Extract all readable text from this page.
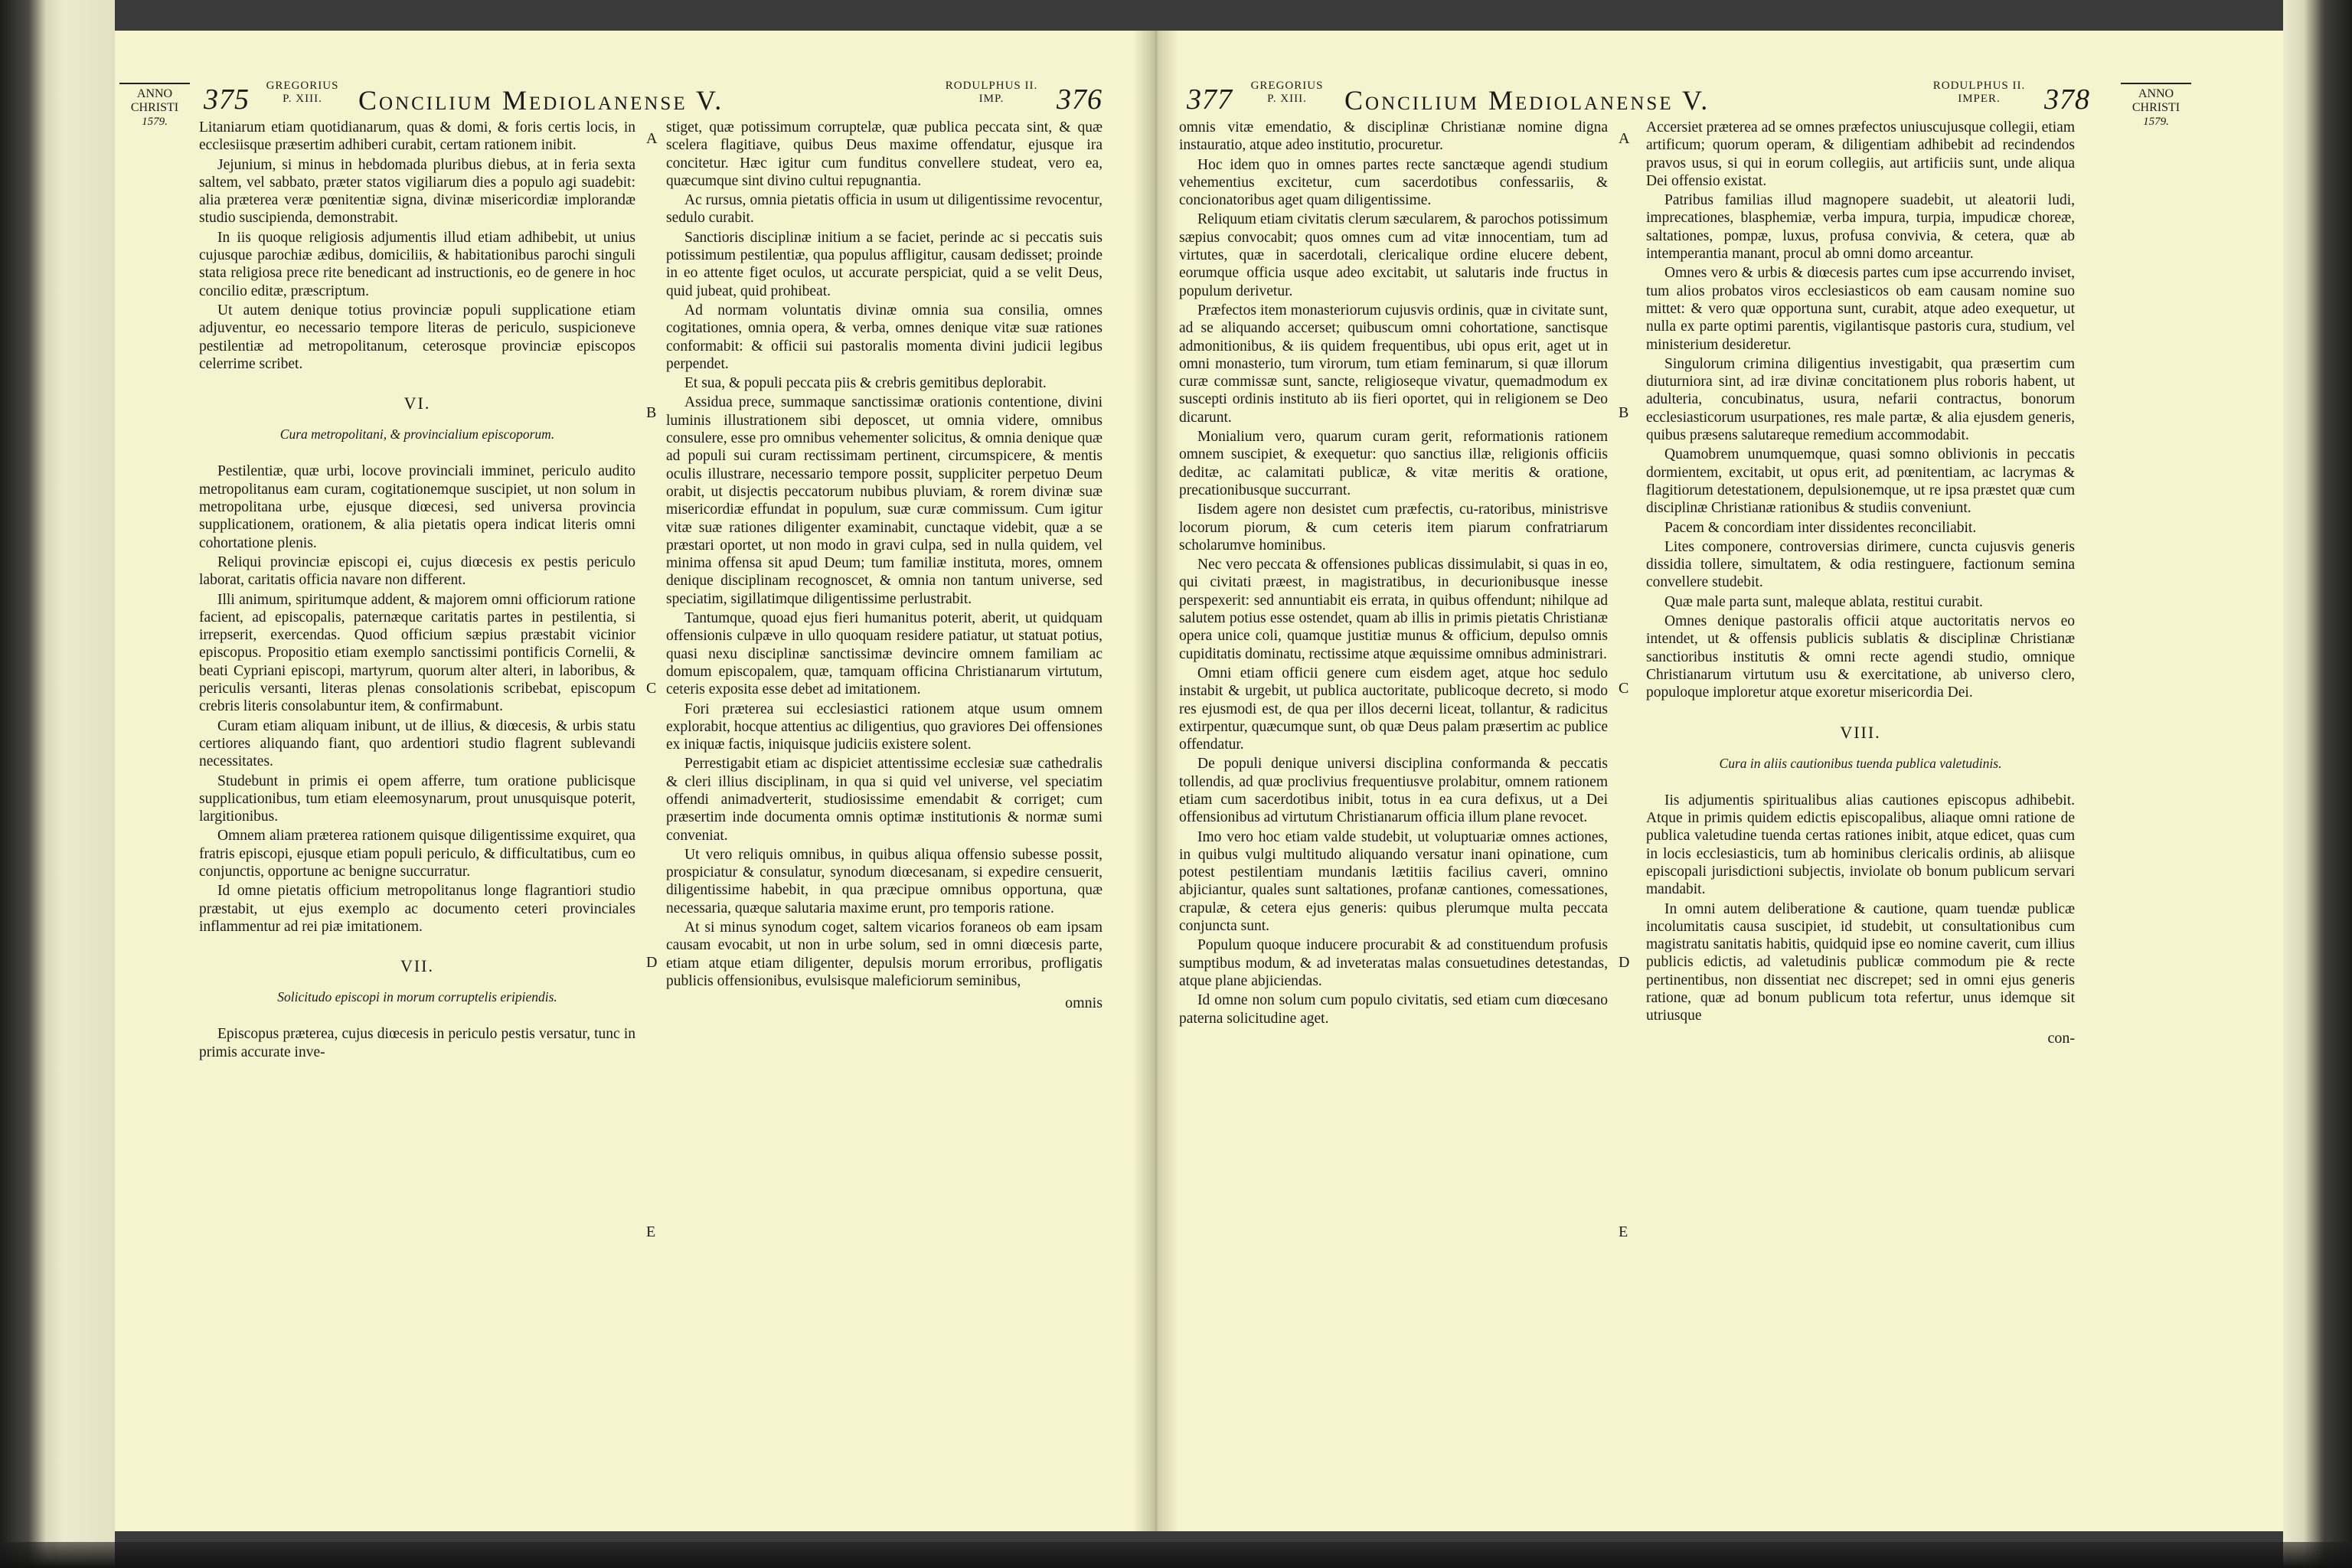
ANNO
CHRISTI
1579.
375	GREGORIUS
P. XIII.	Concilium Mediolanense V.	RODULPHUS II.
IMP.	376

Litaniarum etiam quotidianarum, quas & domi, & foris certis locis, in ecclesiisque præsertim adhiberi curabit, certam rationem inibit.

Jejunium, si minus in hebdomada pluribus diebus, at in feria sexta saltem, vel sabbato, præter statos vigiliarum dies a populo agi suadebit: alia præterea veræ pœnitentiæ signa, divinæ misericordiæ implorandæ studio suscipienda, demonstrabit.

In iis quoque religiosis adjumentis illud etiam adhibebit, ut unius cujusque parochiæ ædibus, domiciliis, & habitationibus parochi singuli stata religiosa prece rite benedicant ad instructionis, eo de genere in hoc concilio editæ, præscriptum.

Ut autem denique totius provinciæ populi supplicatione etiam adjuventur, eo necessario tempore literas de periculo, suspicioneve pestilentiæ ad metropolitanum, ceterosque provinciæ episcopos celerrime scribet.

VI.

Cura metropolitani, & provincialium episcoporum.

Pestilentiæ, quæ urbi, locove provinciali imminet, periculo audito metropolitanus eam curam, cogitationemque suscipiet, ut non solum in metropolitana urbe, ejusque diœcesi, sed universa provincia supplicationem, orationem, & alia pietatis opera indicat literis omni cohortatione plenis.

Reliqui provinciæ episcopi ei, cujus diœcesis ex pestis periculo laborat, caritatis officia navare non different.

Illi animum, spiritumque addent, & majorem omni officiorum ratione facient, ad episcopalis, paternæque caritatis partes in pestilentia, si irrepserit, exercendas. Quod officium sæpius præstabit vicinior episcopus. Propositio etiam exemplo sanctissimi pontificis Cornelii, & beati Cypriani episcopi, martyrum, quorum alter alteri, in laboribus, & periculis versanti, literas plenas consolationis scribebat, episcopum crebris literis consolabuntur item, & confirmabunt.

Curam etiam aliquam inibunt, ut de illius, & diœcesis, & urbis statu certiores aliquando fiant, quo ardentiori studio flagrent sublevandi necessitates.

Studebunt in primis ei opem afferre, tum oratione publicisque supplicationibus, tum etiam eleemosynarum, prout unusquisque poterit, largitionibus.

Omnem aliam præterea rationem quisque diligentissime exquiret, qua fratris episcopi, ejusque etiam populi periculo, & difficultatibus, cum eo conjunctis, opportune ac benigne succurratur.

Id omne pietatis officium metropolitanus longe flagrantiori studio præstabit, ut ejus exemplo ac documento ceteri provinciales inflammentur ad rei piæ imitationem.

VII.

Solicitudo episcopi in morum corruptelis eripiendis.

Episcopus præterea, cujus diœcesis in periculo pestis versatur, tunc in primis accurate inve-

A
B
C
D
E

stiget, quæ potissimum corruptelæ, quæ publica peccata sint, & quæ scelera flagitiave, quibus Deus maxime offendatur, ejusque ira concitetur. Hæc igitur cum funditus convellere studeat, vero ea, quæcumque sint divino cultui repugnantia.

Ac rursus, omnia pietatis officia in usum ut diligentissime revocentur, sedulo curabit.

Sanctioris disciplinæ initium a se faciet, perinde ac si peccatis suis potissimum pestilentiæ, qua populus affligitur, causam dedisset; proinde in eo attente figet oculos, ut accurate perspiciat, quid a se velit Deus, quid jubeat, quid prohibeat.

Ad normam voluntatis divinæ omnia sua consilia, omnes cogitationes, omnia opera, & verba, omnes denique vitæ suæ rationes conformabit: & officii sui pastoralis momenta divini judicii legibus perpendet.

Et sua, & populi peccata piis & crebris gemitibus deplorabit.

Assidua prece, summaque sanctissimæ orationis contentione, divini luminis illustrationem sibi deposcet, ut omnia videre, omnibus consulere, esse pro omnibus vehementer solicitus, & omnia denique quæ ad populi sui curam rectissimam pertinent, circumspicere, & mentis oculis illustrare, necessario tempore possit, suppliciter perpetuo Deum orabit, ut disjectis peccatorum nubibus pluviam, & rorem divinæ suæ misericordiæ effundat in populum, suæ curæ commissum. Cum igitur vitæ suæ rationes diligenter examinabit, cunctaque videbit, quæ a se præstari oportet, ut non modo in gravi culpa, sed in nulla quidem, vel minima offensa sit apud Deum; tum familiæ instituta, mores, omnem denique disciplinam recognoscet, & omnia non tantum universe, sed speciatim, sigillatimque diligentissime perlustrabit.

Tantumque, quoad ejus fieri humanitus poterit, aberit, ut quidquam offensionis culpæve in ullo quoquam residere patiatur, ut statuat potius, quasi nexu disciplinæ sanctissimæ devincire omnem familiam ac domum episcopalem, quæ, tamquam officina Christianarum virtutum, ceteris exposita esse debet ad imitationem.

Fori præterea sui ecclesiastici rationem atque usum omnem explorabit, hocque attentius ac diligentius, quo graviores Dei offensiones ex iniquæ factis, iniquisque judiciis existere solent.

Perrestigabit etiam ac dispiciet attentissime ecclesiæ suæ cathedralis & cleri illius disciplinam, in qua si quid vel universe, vel speciatim offendi animadverterit, studiosissime emendabit & corriget; cum præsertim inde documenta omnis optimæ institutionis & normæ sumi conveniat.

Ut vero reliquis omnibus, in quibus aliqua offensio subesse possit, prospiciatur & consulatur, synodum diœcesanam, si expedire censuerit, diligentissime habebit, in qua præcipue omnibus opportuna, quæ necessaria, quæque salutaria maxime erunt, pro temporis ratione.

At si minus synodum coget, saltem vicarios foraneos ob eam ipsam causam evocabit, ut non in urbe solum, sed in omni diœcesis parte, etiam atque etiam diligenter, depulsis morum erroribus, profligatis publicis offensionibus, evulsisque maleficiorum seminibus,

omnis

377	GREGORIUS
P. XIII.	Concilium Mediolanense V.	RODULPHUS II.
IMPER.	378	ANNO
CHRISTI
1579.

omnis vitæ emendatio, & disciplinæ Christianæ nomine digna instauratio, atque adeo institutio, procuretur.

Hoc idem quo in omnes partes recte sanctæque agendi studium vehementius excitetur, cum sacerdotibus confessariis, & concionatoribus aget quam diligentissime.

Reliquum etiam civitatis clerum sæcularem, & parochos potissimum sæpius convocabit; quos omnes cum ad vitæ innocentiam, tum ad virtutes, quæ in sacerdotali, clericalique ordine elucere debent, eorumque officia usque adeo excitabit, ut salutaris inde fructus in populum derivetur.

Præfectos item monasteriorum cujusvis ordinis, quæ in civitate sunt, ad se aliquando accerset; quibuscum omni cohortatione, sanctisque admonitionibus, & iis quidem frequentibus, ubi opus erit, aget ut in omni monasterio, tum virorum, tum etiam feminarum, si quæ illorum curæ commissæ sunt, sancte, religioseque vivatur, quemadmodum ex suscepti ordinis instituto ab iis fieri oportet, qui in religionem se Deo dicarunt.

Monialium vero, quarum curam gerit, reformationis rationem omnem suscipiet, & exequetur: quo sanctius illæ, religionis officiis deditæ, ac calamitati publicæ, & vitæ meritis & oratione, precationibusque succurrant.

Iisdem agere non desistet cum præfectis, cu-ratoribus, ministrisve locorum piorum, & cum ceteris item piarum confratriarum scholarumve hominibus.

Nec vero peccata & offensiones publicas dissimulabit, si quas in eo, qui civitati præest, in magistratibus, in decurionibusque inesse perspexerit: sed annuntiabit eis errata, in quibus offendunt; nihilque ad salutem potius esse ostendet, quam ab illis in primis pietatis Christianæ opera unice coli, quamque justitiæ munus & officium, depulso omnis cupiditatis dominatu, rectissime atque æquissime omnibus administrari.

Omni etiam officii genere cum eisdem aget, atque hoc sedulo instabit & urgebit, ut publica auctoritate, publicoque decreto, si modo res ejusmodi est, de qua per illos decerni liceat, tollantur, & radicitus extirpentur, quæcumque sunt, ob quæ Deus palam præsertim ac publice offendatur.

De populi denique universi disciplina conformanda & peccatis tollendis, ad quæ proclivius frequentiusve prolabitur, omnem rationem etiam cum sacerdotibus inibit, totus in ea cura defixus, ut a Dei offensionibus ad virtutum Christianarum officia illum plane revocet.

Imo vero hoc etiam valde studebit, ut voluptuariæ omnes actiones, in quibus vulgi multitudo aliquando versatur inani opinatione, cum potest pestilentiam mundanis lætitiis facilius caveri, omnino abjiciantur, quales sunt saltationes, profanæ cantiones, comessationes, crapulæ, & cetera ejus generis: quibus plerumque multa peccata conjuncta sunt.

Populum quoque inducere procurabit & ad constituendum profusis sumptibus modum, & ad inveteratas malas consuetudines detestandas, atque plane abjiciendas.

Id omne non solum cum populo civitatis, sed etiam cum diœcesano paterna solicitudine aget.

A
B
C
D
E

Accersiet præterea ad se omnes præfectos uniuscujusque collegii, etiam artificum; quorum operam, & diligentiam adhibebit ad recindendos pravos usus, si qui in eorum collegiis, aut artificiis sunt, unde aliqua Dei offensio existat.

Patribus familias illud magnopere suadebit, ut aleatorii ludi, imprecationes, blasphemiæ, verba impura, turpia, impudicæ choreæ, saltationes, pompæ, luxus, profusa convivia, & cetera, quæ ab intemperantia manant, procul ab omni domo arceantur.

Omnes vero & urbis & diœcesis partes cum ipse accurrendo inviset, tum alios probatos viros ecclesiasticos ob eam causam nomine suo mittet: & vero quæ opportuna sunt, curabit, atque adeo exequetur, ut nulla ex parte optimi parentis, vigilantisque pastoris cura, studium, vel ministerium desideretur.

Singulorum crimina diligentius investigabit, qua præsertim cum diuturniora sint, ad iræ divinæ concitationem plus roboris habent, ut adulteria, concubinatus, usura, nefarii contractus, bonorum ecclesiasticorum usurpationes, res male partæ, & alia ejusdem generis, quibus præsens salutareque remedium accommodabit.

Quamobrem unumquemque, quasi somno oblivionis in peccatis dormientem, excitabit, ut opus erit, ad pœnitentiam, ac lacrymas & flagitiorum detestationem, depulsionemque, ut re ipsa præstet quæ cum disciplinæ Christianæ rationibus & studiis conveniunt.

Pacem & concordiam inter dissidentes reconciliabit.

Lites componere, controversias dirimere, cuncta cujusvis generis dissidia tollere, simultatem, & odia restinguere, factionum semina convellere studebit.

Quæ male parta sunt, maleque ablata, restitui curabit.

Omnes denique pastoralis officii atque auctoritatis nervos eo intendet, ut & offensis publicis sublatis & disciplinæ Christianæ sanctioribus institutis & omni recte agendi studio, omnique Christianarum virtutum usu & exercitatione, ab universo clero, populoque imploretur atque exoretur misericordia Dei.

VIII.

Cura in aliis cautionibus tuenda publica valetudinis.

Iis adjumentis spiritualibus alias cautiones episcopus adhibebit. Atque in primis quidem edictis episcopalibus, aliaque omni ratione de publica valetudine tuenda certas rationes inibit, atque edicet, quas cum in locis ecclesiasticis, tum ab hominibus clericalis ordinis, ab aliisque episcopali jurisdictioni subjectis, inviolate ob bonum publicum servari mandabit.

In omni autem deliberatione & cautione, quam tuendæ publicæ incolumitatis causa suscipiet, id studebit, ut consultationibus cum magistratu sanitatis habitis, quidquid ipse eo nomine caverit, cum illius publicis edictis, ad valetudinis publicæ commodum pie & recte pertinentibus, non dissentiat nec discrepet; sed in omni ejus generis ratione, quæ ad bonum publicum tota refertur, unus idemque sit utriusque

con-
